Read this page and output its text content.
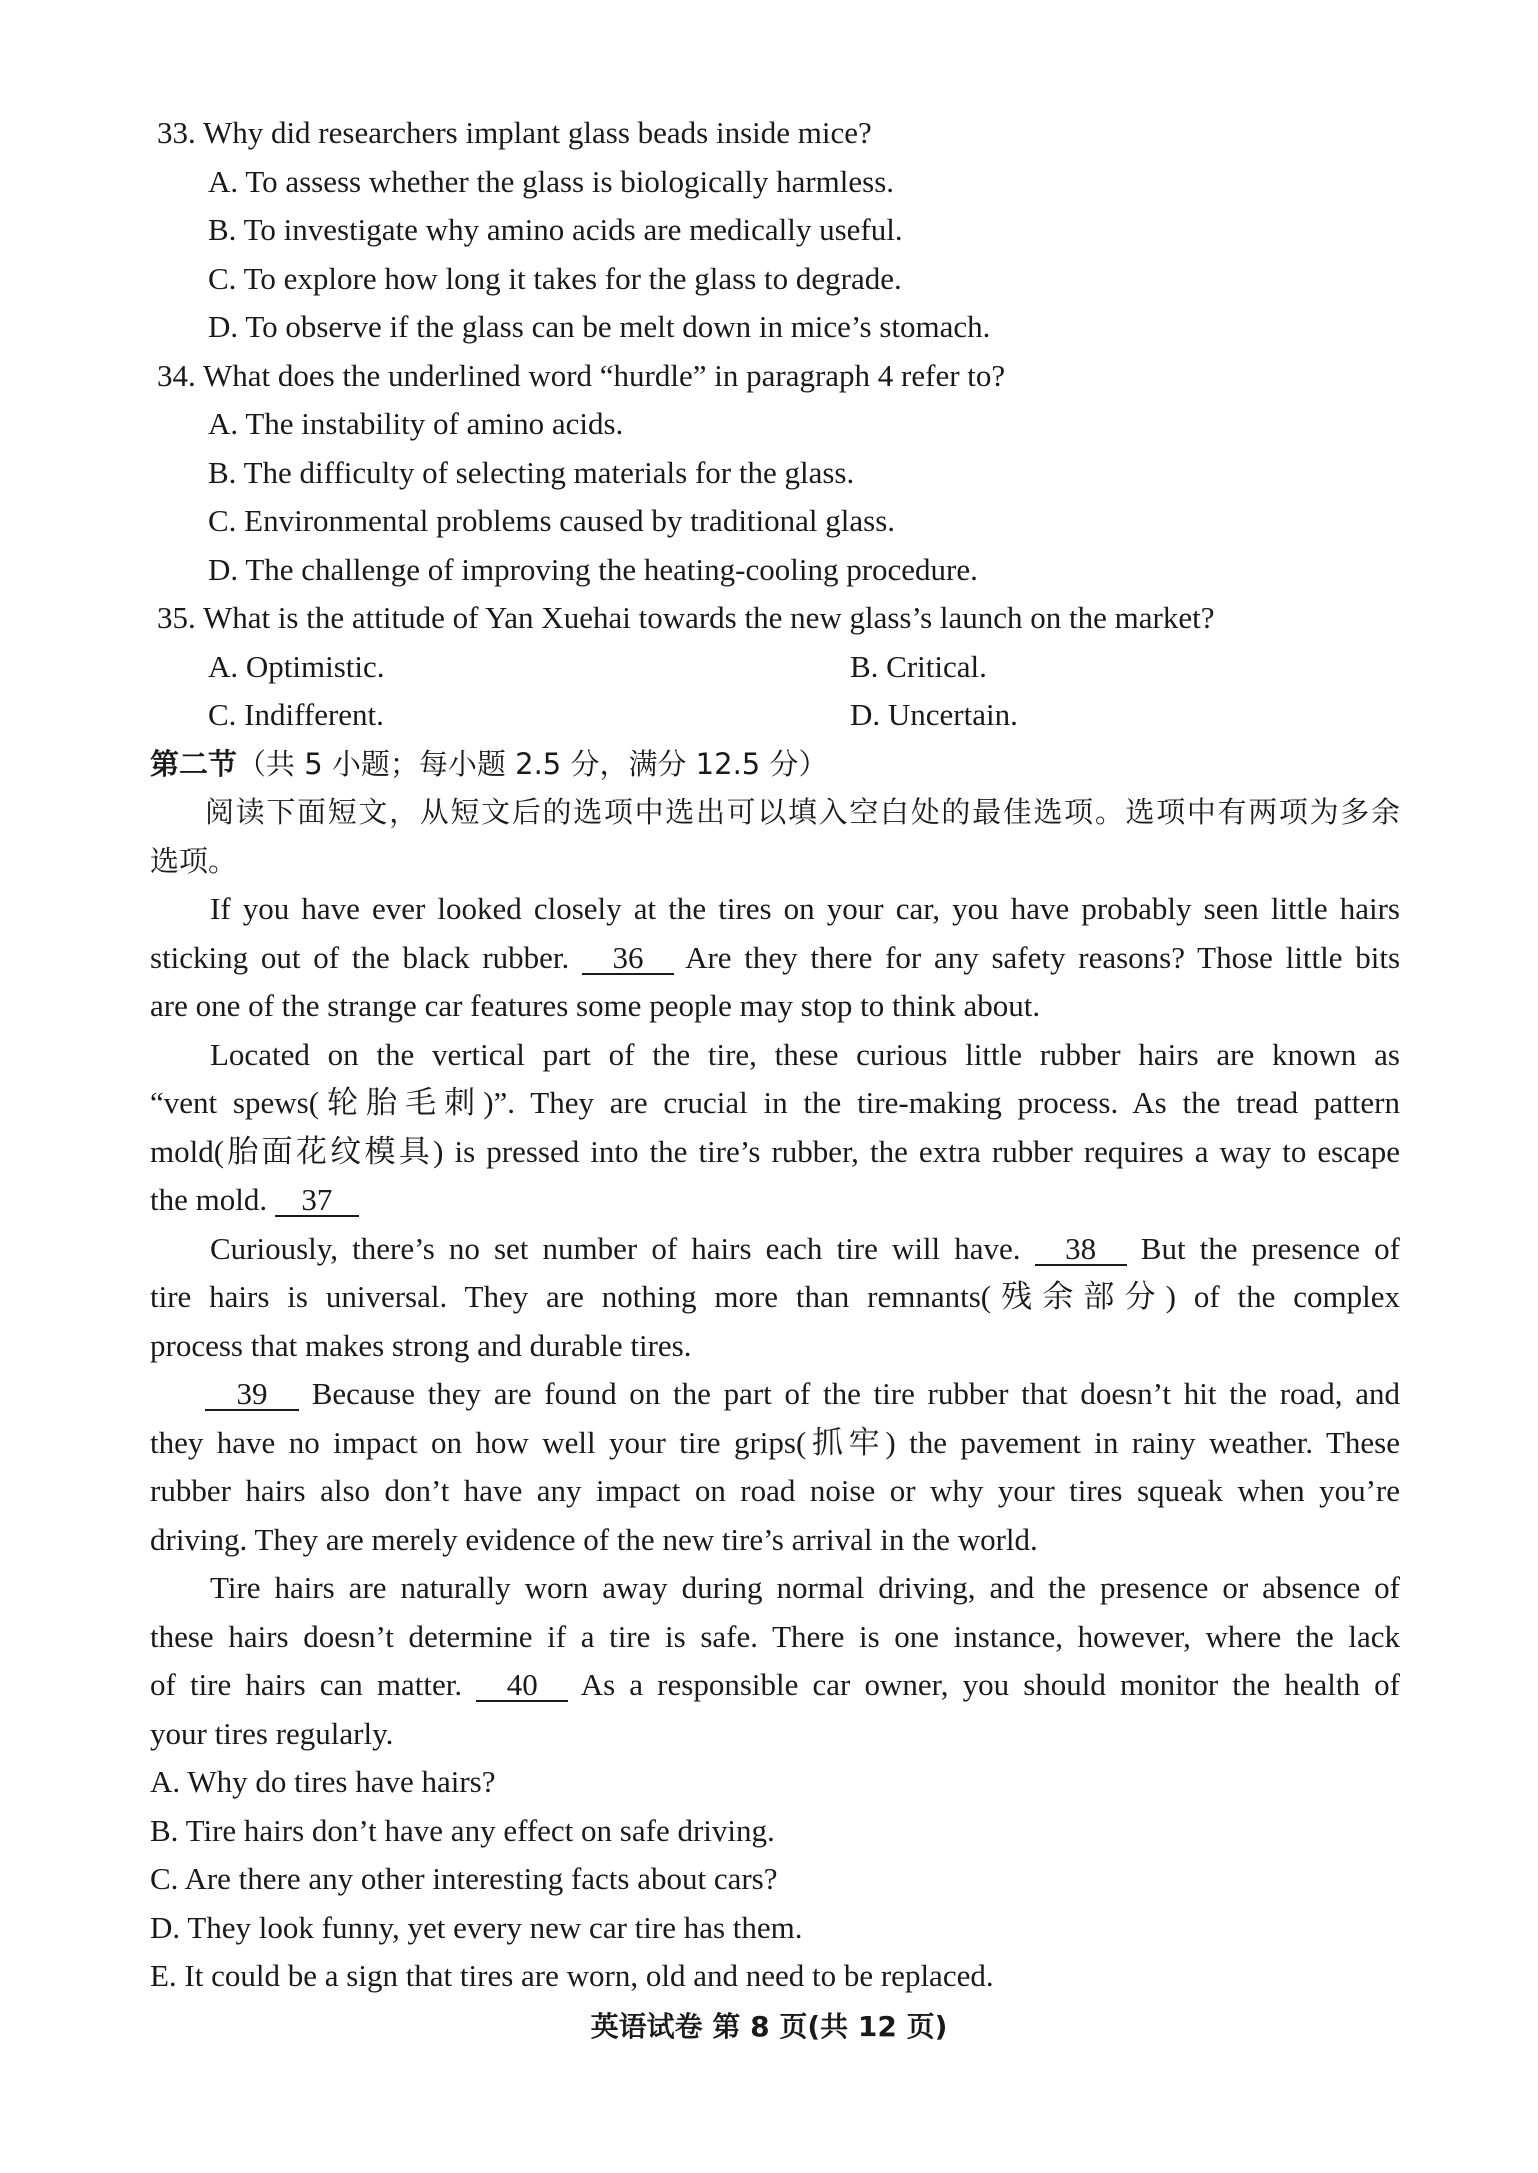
33. Why did researchers implant glass beads inside mice?
A. To assess whether the glass is biologically harmless.
B. To investigate why amino acids are medically useful.
C. To explore how long it takes for the glass to degrade.
D. To observe if the glass can be melt down in mice’s stomach.
34. What does the underlined word “hurdle” in paragraph 4 refer to?
A. The instability of amino acids.
B. The difficulty of selecting materials for the glass.
C. Environmental problems caused by traditional glass.
D. The challenge of improving the heating-cooling procedure.
35. What is the attitude of Yan Xuehai towards the new glass’s launch on the market?
A. Optimistic.	B. Critical.
C. Indifferent.	D. Uncertain.
第二节（共 5 小题；每小题 2.5 分，满分 12.5 分）
阅读下面短文，从短文后的选项中选出可以填入空白处的最佳选项。选项中有两项为多余
选项。
If you have ever looked closely at the tires on your car, you have probably seen little hairs
sticking out of the black rubber. 36 Are they there for any safety reasons? Those little bits
are one of the strange car features some people may stop to think about.
Located on the vertical part of the tire, these curious little rubber hairs are known as
“vent spews(轮胎毛刺)”. They are crucial in the tire-making process. As the tread pattern
mold(胎面花纹模具) is pressed into the tire’s rubber, the extra rubber requires a way to escape
the mold. 37
Curiously, there’s no set number of hairs each tire will have. 38 But the presence of
tire hairs is universal. They are nothing more than remnants(残余部分) of the complex
process that makes strong and durable tires.
39 Because they are found on the part of the tire rubber that doesn’t hit the road, and
they have no impact on how well your tire grips(抓牢) the pavement in rainy weather. These
rubber hairs also don’t have any impact on road noise or why your tires squeak when you’re
driving. They are merely evidence of the new tire’s arrival in the world.
Tire hairs are naturally worn away during normal driving, and the presence or absence of
these hairs doesn’t determine if a tire is safe. There is one instance, however, where the lack
of tire hairs can matter. 40 As a responsible car owner, you should monitor the health of
your tires regularly.
A. Why do tires have hairs?
B. Tire hairs don’t have any effect on safe driving.
C. Are there any other interesting facts about cars?
D. They look funny, yet every new car tire has them.
E. It could be a sign that tires are worn, old and need to be replaced.
英语试卷 第 8 页(共 12 页)
